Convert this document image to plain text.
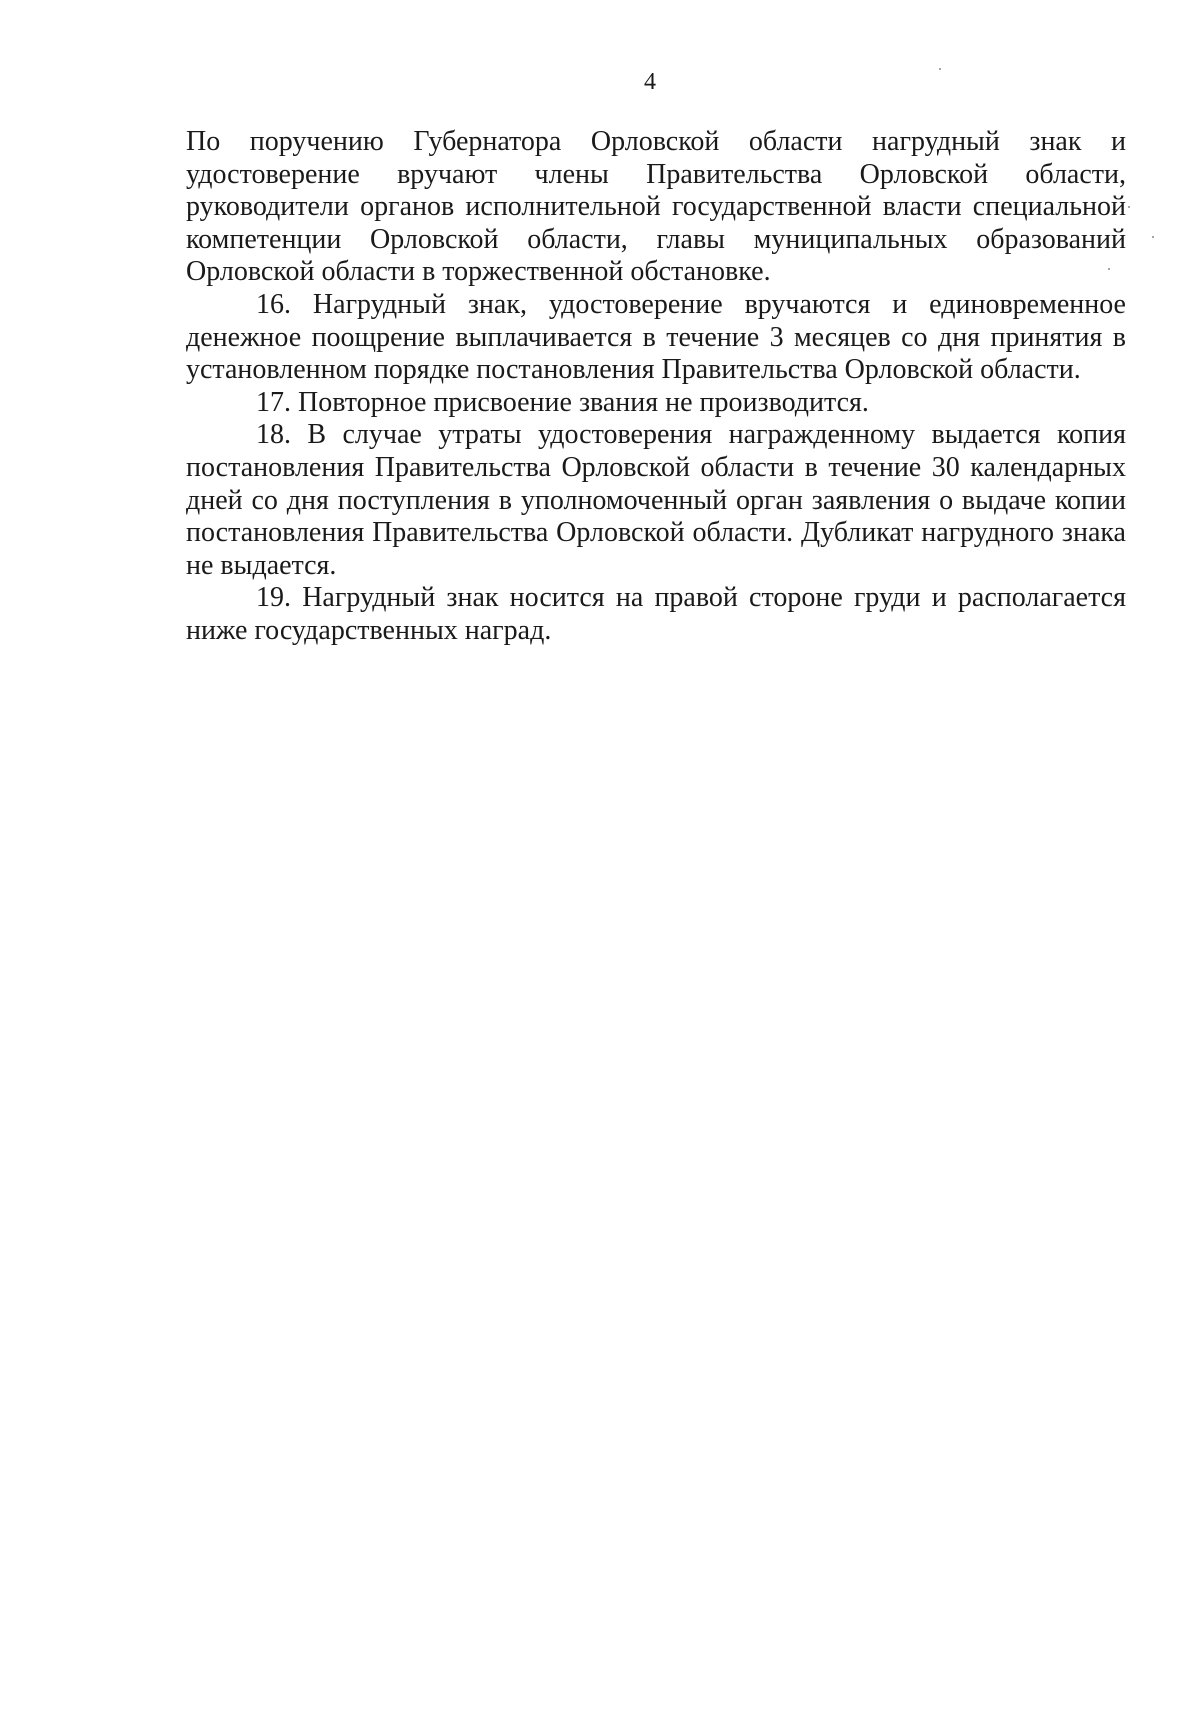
4

По поручению Губернатора Орловской области нагрудный знак и удостоверение вручают члены Правительства Орловской области, руководители органов исполнительной государственной власти специальной компетенции Орловской области, главы муниципальных образований Орловской области в торжественной обстановке.

16. Нагрудный знак, удостоверение вручаются и единовременное денежное поощрение выплачивается в течение 3 месяцев со дня принятия в установленном порядке постановления Правительства Орловской области.

17. Повторное присвоение звания не производится.

18. В случае утраты удостоверения награжденному выдается копия постановления Правительства Орловской области в течение 30 календарных дней со дня поступления в уполномоченный орган заявления о выдаче копии постановления Правительства Орловской области. Дубликат нагрудного знака не выдается.

19. Нагрудный знак носится на правой стороне груди и располагается ниже государственных наград.
